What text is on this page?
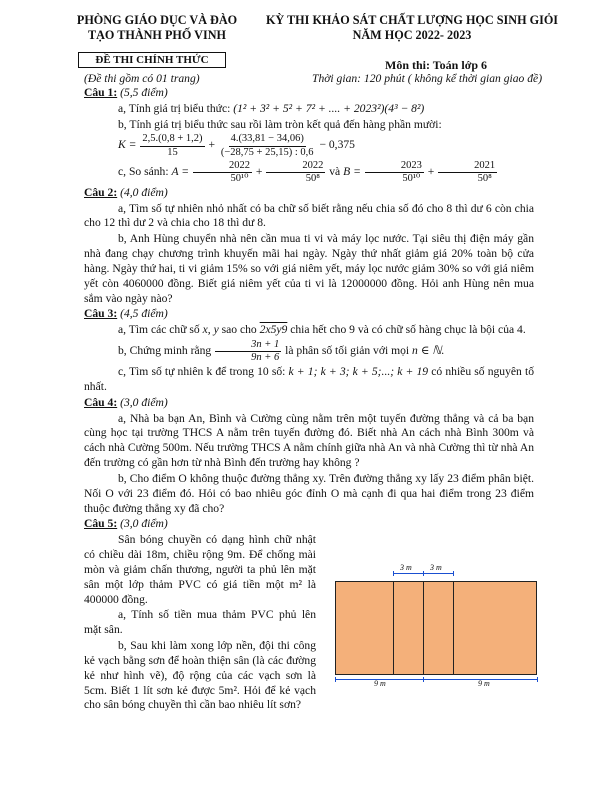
PHÒNG GIÁO DỤC VÀ ĐÀO
TẠO THÀNH PHỐ VINH
KỲ THI KHẢO SÁT CHẤT LƯỢNG HỌC SINH GIỎI
NĂM HỌC 2022- 2023
ĐỀ THI CHÍNH THỨC
(Đề thi gồm có 01 trang)
Môn thi: Toán lớp 6
Thời gian: 120 phút ( không kể thời gian giao đề)
Câu 1: (5,5 điểm)
a, Tính giá trị biểu thức: (1² + 3² + 5² + 7² + .... + 2023²)(4³ − 8²)
b, Tính giá trị biểu thức sau rồi làm tròn kết quả đến hàng phần mười:
$K = \frac{2,5.(0,8 + 1,2)}{15} + \frac{4.(33,81 - 34,06)}{(-28,75 + 25,15) : 0,6} - 0,375$
c, So sánh: $A = \frac{2022}{\text{50¹⁰}} + \frac{2022}{\text{50⁸}}$ và $B = \frac{2023}{\text{50¹⁰}} + \frac{2021}{\text{50⁸}}$
Câu 2: (4,0 điểm)
a, Tìm số tự nhiên nhỏ nhất có ba chữ số biết rằng nếu chia số đó cho 8 thì dư 6 còn chia cho 12 thì dư 2 và chia cho 18 thì dư 8.
b, Anh Hùng chuyển nhà nên cần mua ti vi và máy lọc nước. Tại siêu thị điện máy gần nhà đang chạy chương trình khuyến mãi hai ngày. Ngày thứ nhất giảm giá 20% toàn bộ cửa hàng. Ngày thứ hai, ti vi giảm 15% so với giá niêm yết, máy lọc nước giảm 30% so với giá niêm yết còn 4060000 đồng. Biết giá niêm yết của ti vi là 12000000 đồng. Hỏi anh Hùng nên mua sắm vào ngày nào?
Câu 3: (4,5 điểm)
a, Tìm các chữ số x, y sao cho 2x5y9 chia hết cho 9 và có chữ số hàng chục là bội của 4.
b, Chứng minh rằng $\frac{3n + 1}{9n + 6}$ là phân số tối giản với mọi n ∈ ℕ.
c, Tìm số tự nhiên k để trong 10 số: k + 1; k + 3; k + 5;...; k + 19 có nhiều số nguyên tố nhất.
Câu 4: (3,0 điểm)
a, Nhà ba bạn An, Bình và Cường cùng nằm trên một tuyến đường thẳng và cả ba bạn cùng học tại trường THCS A nằm trên tuyến đường đó. Biết nhà An cách nhà Bình 300m và cách nhà Cường 500m. Nếu trường THCS A nằm chính giữa nhà An và nhà Cường thì từ nhà An đến trường có gần hơn từ nhà Bình đến trường hay không ?
b, Cho điểm O không thuộc đường thẳng xy. Trên đường thẳng xy lấy 23 điểm phân biệt. Nối O với 23 điểm đó. Hỏi có bao nhiêu góc đỉnh O mà cạnh đi qua hai điểm trong 23 điểm thuộc đường thẳng xy đã cho?
Câu 5: (3,0 điểm)
Sân bóng chuyền có dạng hình chữ nhật có chiều dài 18m, chiều rộng 9m. Để chống mài mòn và giảm chấn thương, người ta phủ lên mặt sân một lớp thảm PVC có giá tiền một m² là 400000 đồng.
a, Tính số tiền mua thảm PVC phủ lên mặt sân.
b, Sau khi làm xong lớp nền, đội thi công kẻ vạch bằng sơn để hoàn thiện sân (là các đường kẻ như hình vẽ), độ rộng của các vạch sơn là 5cm. Biết 1 lít sơn kẻ được 5m². Hỏi để kẻ vạch cho sân bóng chuyền thì cần bao nhiêu lít sơn?
3 m 3 m
9 m	9 m
